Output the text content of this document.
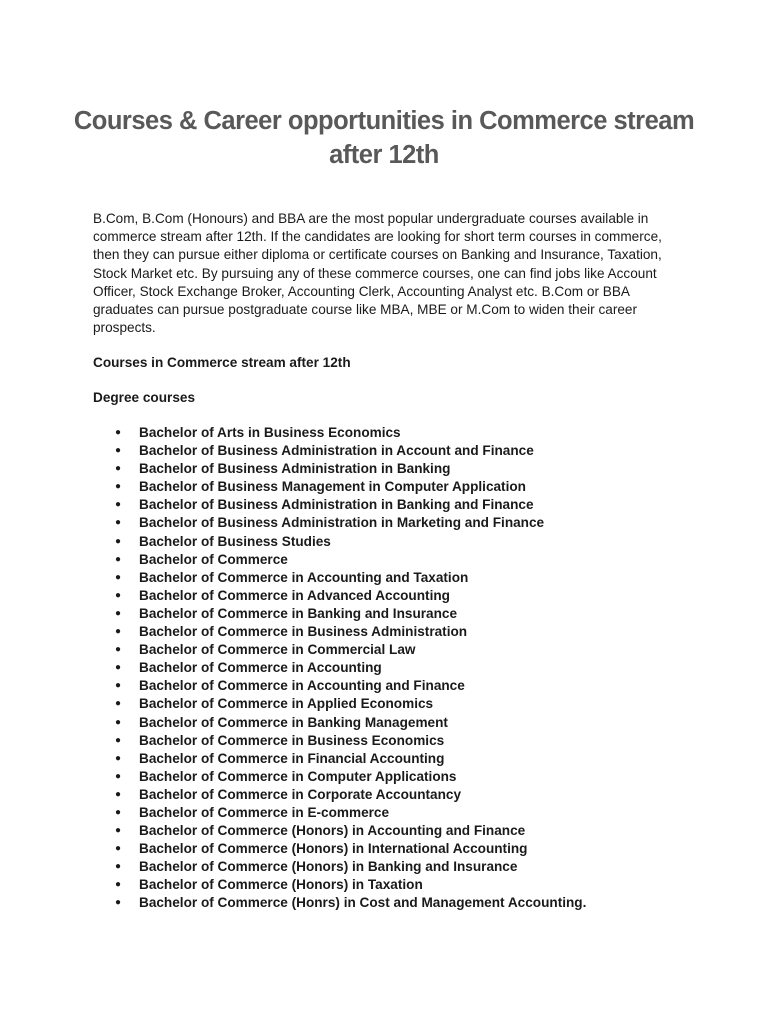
Courses & Career opportunities in Commerce stream after 12th
B.Com, B.Com (Honours) and BBA are the most popular undergraduate courses available in commerce stream after 12th. If the candidates are looking for short term courses in commerce, then they can pursue either diploma or certificate courses on Banking and Insurance, Taxation, Stock Market etc. By pursuing any of these commerce courses, one can find jobs like Account Officer, Stock Exchange Broker, Accounting Clerk, Accounting Analyst etc. B.Com or BBA graduates can pursue postgraduate course like MBA, MBE or M.Com to widen their career prospects.
Courses in Commerce stream after 12th
Degree courses
● Bachelor of Arts in Business Economics
● Bachelor of Business Administration in Account and Finance
● Bachelor of Business Administration in Banking
● Bachelor of Business Management in Computer Application
● Bachelor of Business Administration in Banking and Finance
● Bachelor of Business Administration in Marketing and Finance
● Bachelor of Business Studies
● Bachelor of Commerce
● Bachelor of Commerce in Accounting and Taxation
● Bachelor of Commerce in Advanced Accounting
● Bachelor of Commerce in Banking and Insurance
● Bachelor of Commerce in Business Administration
● Bachelor of Commerce in Commercial Law
● Bachelor of Commerce in Accounting
● Bachelor of Commerce in Accounting and Finance
● Bachelor of Commerce in Applied Economics
● Bachelor of Commerce in Banking Management
● Bachelor of Commerce in Business Economics
● Bachelor of Commerce in Financial Accounting
● Bachelor of Commerce in Computer Applications
● Bachelor of Commerce in Corporate Accountancy
● Bachelor of Commerce in E-commerce
● Bachelor of Commerce (Honors) in Accounting and Finance
● Bachelor of Commerce (Honors) in International Accounting
● Bachelor of Commerce (Honors) in Banking and Insurance
● Bachelor of Commerce (Honors) in Taxation
● Bachelor of Commerce (Honrs) in Cost and Management Accounting.
